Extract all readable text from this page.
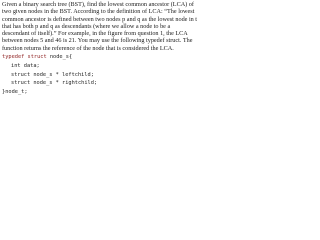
Given a binary search tree (BST), find the lowest common ancestor (LCA) of two given nodes in the BST. According to the definition of LCA: “The lowest common ancestor is defined between two nodes p and q as the lowest node in t that has both p and q as descendants (where we allow a node to be a descendant of itself).” For example, in the figure from question 1, the LCA between nodes 5 and 46 is 21. You may use the following typedef struct. The function returns the reference of the node that is considered the LCA.

typedef struct node_s{
int data;
struct node_s * leftchild;
struct node_s * rightchild;
}node_t;
